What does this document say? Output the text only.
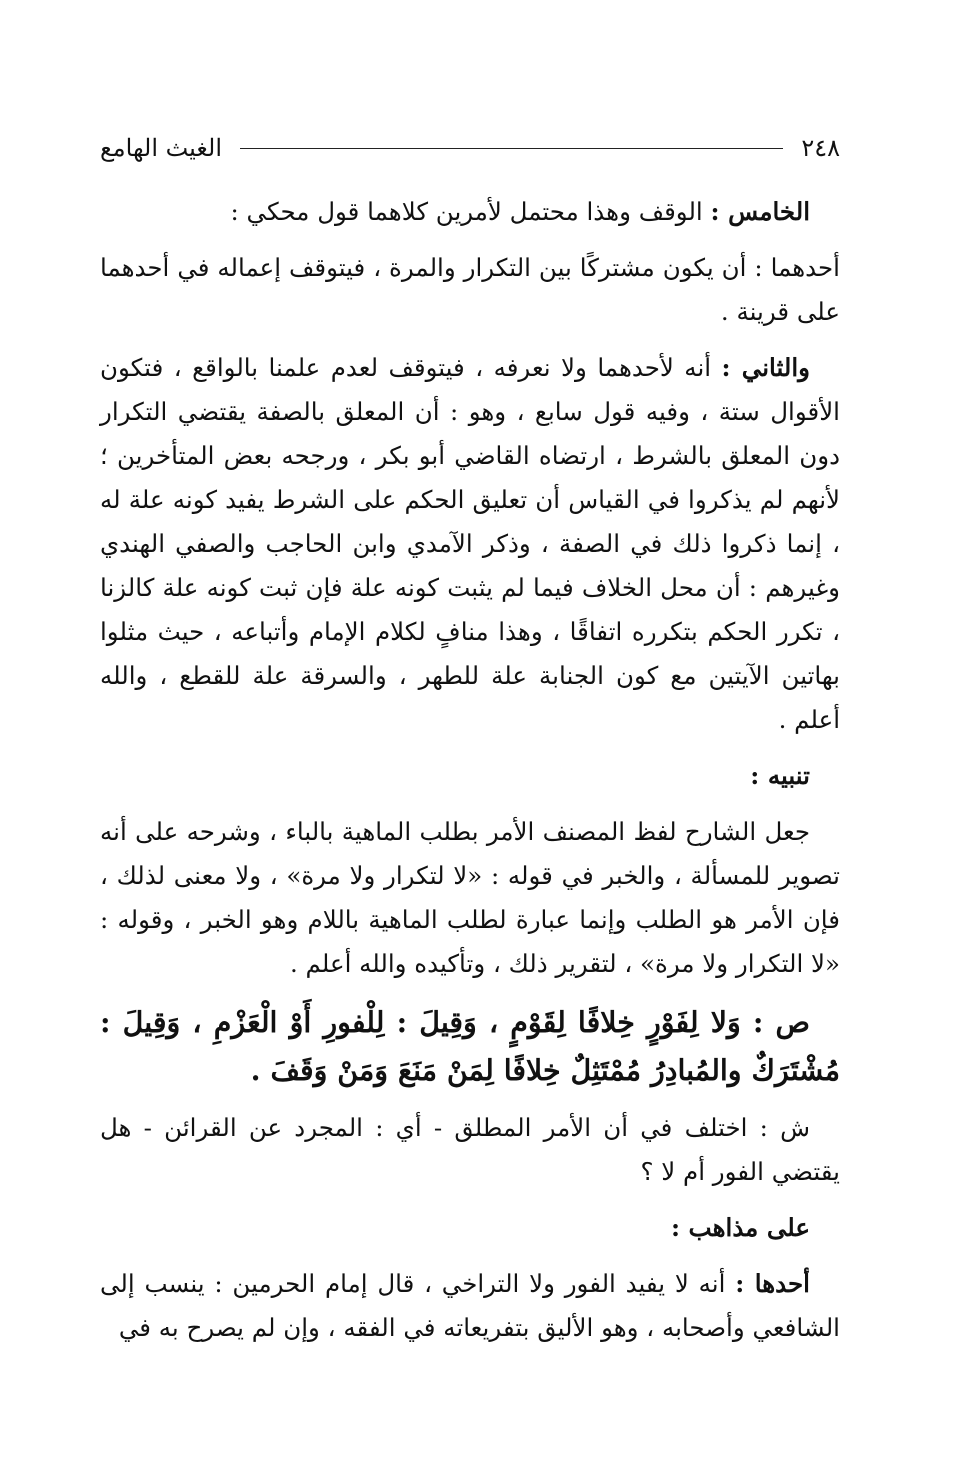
٢٤٨
الغيث الهامع

الخامس : الوقف وهذا محتمل لأمرين كلاهما قول محكي :

أحدهما : أن يكون مشتركًا بين التكرار والمرة ، فيتوقف إعماله في أحدهما على قرينة .

والثاني : أنه لأحدهما ولا نعرفه ، فيتوقف لعدم علمنا بالواقع ، فتكون الأقوال ستة ، وفيه قول سابع ، وهو : أن المعلق بالصفة يقتضي التكرار دون المعلق بالشرط ، ارتضاه القاضي أبو بكر ، ورجحه بعض المتأخرين ؛ لأنهم لم يذكروا في القياس أن تعليق الحكم على الشرط يفيد كونه علة له ، إنما ذكروا ذلك في الصفة ، وذكر الآمدي وابن الحاجب والصفي الهندي وغيرهم : أن محل الخلاف فيما لم يثبت كونه علة فإن ثبت كونه علة كالزنا ، تكرر الحكم بتكرره اتفاقًا ، وهذا منافٍ لكلام الإمام وأتباعه ، حيث مثلوا بهاتين الآيتين مع كون الجنابة علة للطهر ، والسرقة علة للقطع ، والله أعلم .

تنبيه :

جعل الشارح لفظ المصنف الأمر بطلب الماهية بالباء ، وشرحه على أنه تصوير للمسألة ، والخبر في قوله : «لا لتكرار ولا مرة» ، ولا معنى لذلك ، فإن الأمر هو الطلب وإنما عبارة لطلب الماهية باللام وهو الخبر ، وقوله : «لا التكرار ولا مرة» ، لتقرير ذلك ، وتأكيده والله أعلم .

ص : وَلا لِفَوْرٍ خِلافًا لِقَوْمٍ ، وَقِيلَ : لِلْفورِ أَوْ الْعَزْمِ ، وَقِيلَ : مُشْتَرَكٌ والمُبادِرُ مُمْتَثِلٌ خِلافًا لِمَنْ مَنَعَ وَمَنْ وَقَفَ .

ش : اختلف في أن الأمر المطلق - أي : المجرد عن القرائن - هل يقتضي الفور أم لا ؟

على مذاهب :

أحدها : أنه لا يفيد الفور ولا التراخي ، قال إمام الحرمين : ينسب إلى الشافعي وأصحابه ، وهو الأليق بتفريعاته في الفقه ، وإن لم يصرح به في
